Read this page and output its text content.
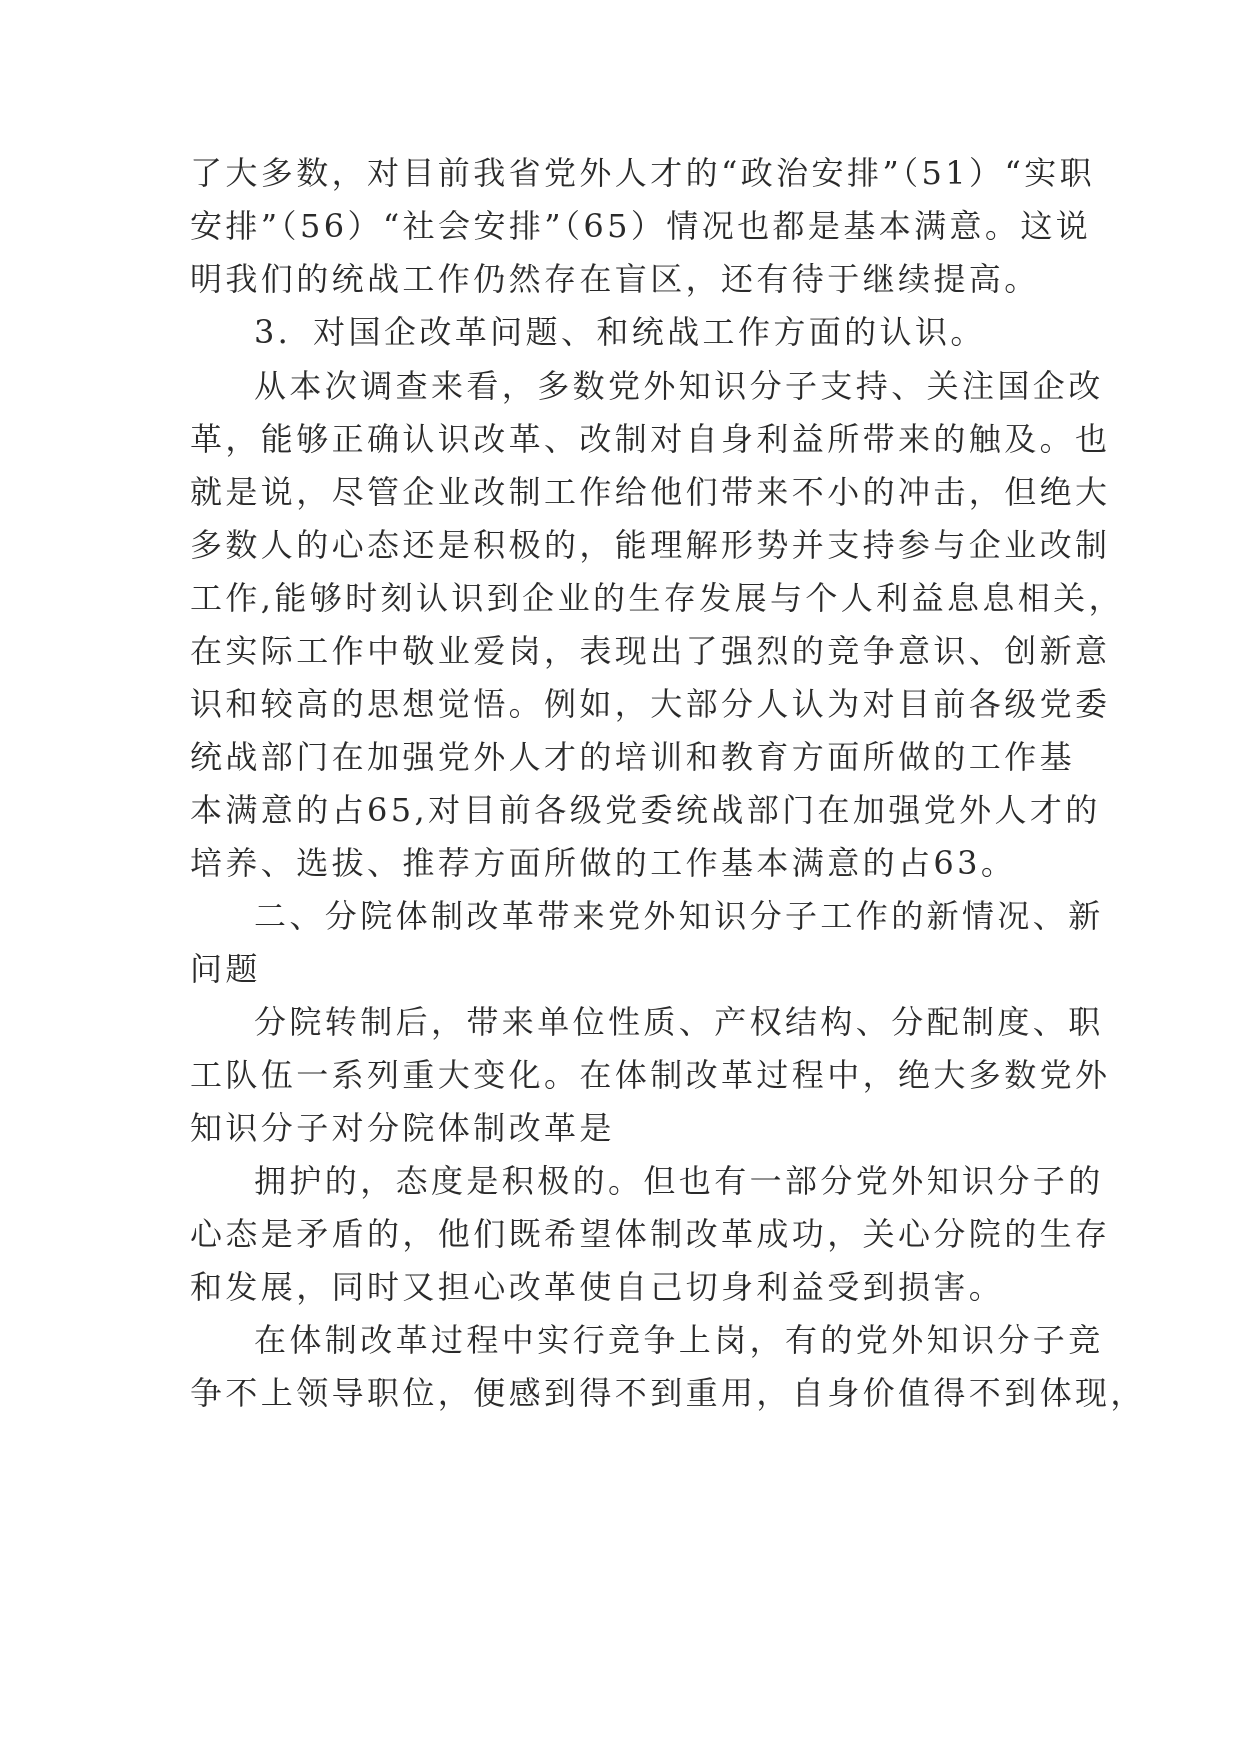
了大多数，对目前我省党外人才的“政治安排”（51）“实职
安排”（56）“社会安排”（65）情况也都是基本满意。这说
明我们的统战工作仍然存在盲区，还有待于继续提高。
3．对国企改革问题、和统战工作方面的认识。
从本次调查来看，多数党外知识分子支持、关注国企改
革，能够正确认识改革、改制对自身利益所带来的触及。也
就是说，尽管企业改制工作给他们带来不小的冲击，但绝大
多数人的心态还是积极的，能理解形势并支持参与企业改制
工作,能够时刻认识到企业的生存发展与个人利益息息相关，
在实际工作中敬业爱岗，表现出了强烈的竞争意识、创新意
识和较高的思想觉悟。例如，大部分人认为对目前各级党委
统战部门在加强党外人才的培训和教育方面所做的工作基
本满意的占65,对目前各级党委统战部门在加强党外人才的
培养、选拔、推荐方面所做的工作基本满意的占63。
二、分院体制改革带来党外知识分子工作的新情况、新
问题
分院转制后，带来单位性质、产权结构、分配制度、职
工队伍一系列重大变化。在体制改革过程中，绝大多数党外
知识分子对分院体制改革是
拥护的，态度是积极的。但也有一部分党外知识分子的
心态是矛盾的，他们既希望体制改革成功，关心分院的生存
和发展，同时又担心改革使自己切身利益受到损害。
在体制改革过程中实行竞争上岗，有的党外知识分子竞
争不上领导职位，便感到得不到重用，自身价值得不到体现，
